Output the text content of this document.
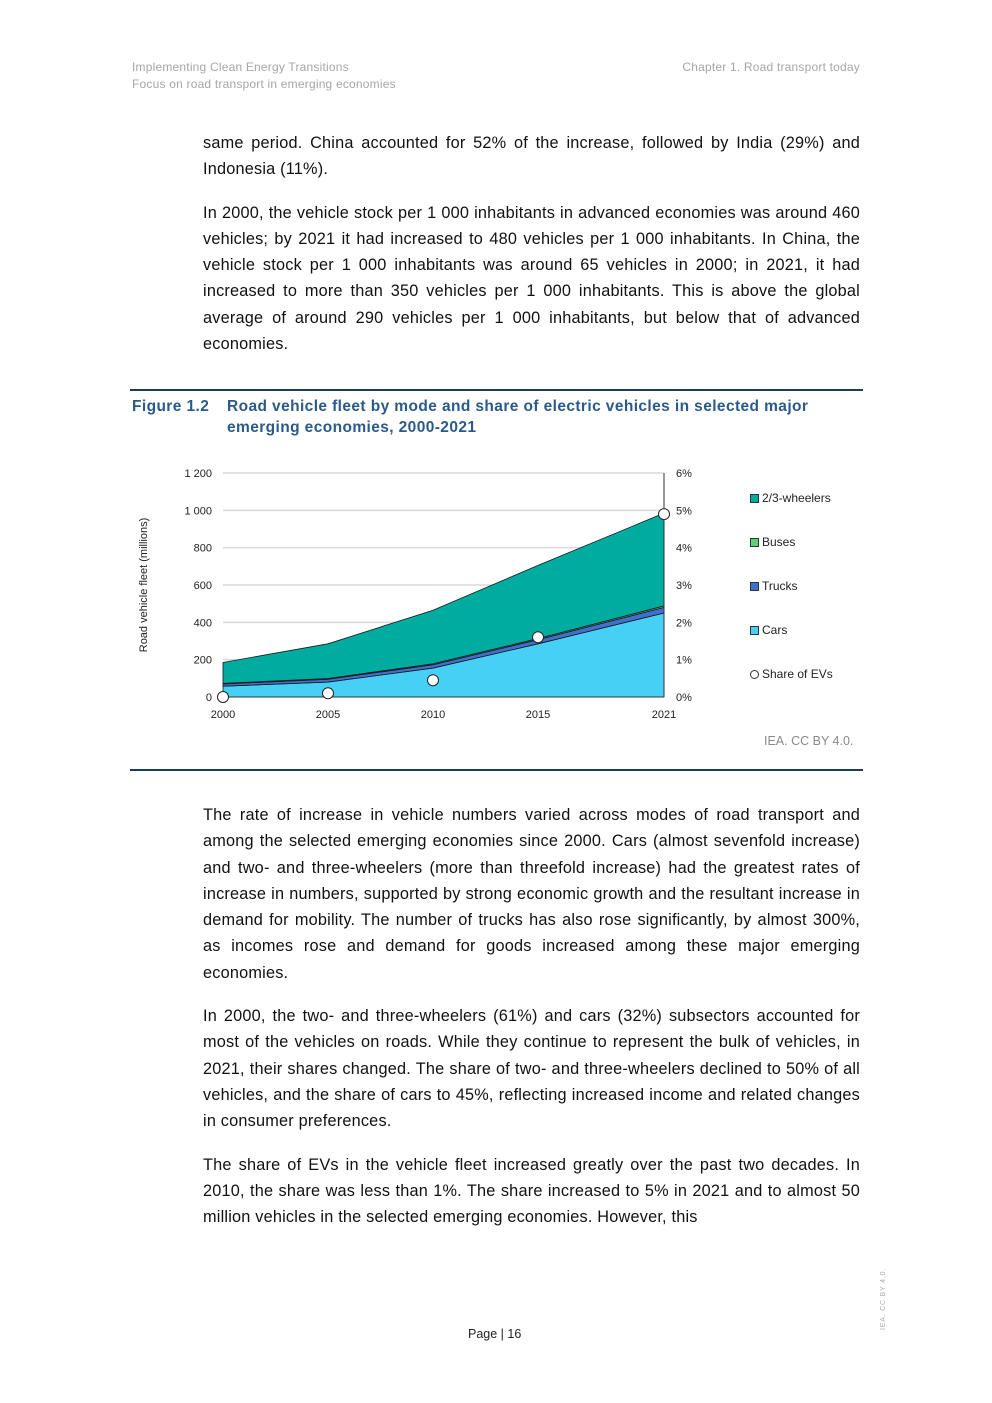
Implementing Clean Energy Transitions
Focus on road transport in emerging economies
Chapter 1. Road transport today

same period. China accounted for 52% of the increase, followed by India (29%) and Indonesia (11%).

In 2000, the vehicle stock per 1 000 inhabitants in advanced economies was around 460 vehicles; by 2021 it had increased to 480 vehicles per 1 000 inhabitants. In China, the vehicle stock per 1 000 inhabitants was around 65 vehicles in 2000; in 2021, it had increased to more than 350 vehicles per 1 000 inhabitants. This is above the global average of around 290 vehicles per 1 000 inhabitants, but below that of advanced economies.

Figure 1.2 Road vehicle fleet by mode and share of electric vehicles in selected major emerging economies, 2000-2021
0
200
400
600
800
1 000
1 200
0%
1%
2%
3%
4%
5%
6%
2000	2005	2010	2015	2021
Road vehicle fleet (millions)
2/3-wheelers
Buses
Trucks
Cars
Share of EVs
IEA. CC BY 4.0.

The rate of increase in vehicle numbers varied across modes of road transport and among the selected emerging economies since 2000. Cars (almost sevenfold increase) and two- and three-wheelers (more than threefold increase) had the greatest rates of increase in numbers, supported by strong economic growth and the resultant increase in demand for mobility. The number of trucks has also rose significantly, by almost 300%, as incomes rose and demand for goods increased among these major emerging economies.

In 2000, the two- and three-wheelers (61%) and cars (32%) subsectors accounted for most of the vehicles on roads. While they continue to represent the bulk of vehicles, in 2021, their shares changed. The share of two- and three-wheelers declined to 50% of all vehicles, and the share of cars to 45%, reflecting increased income and related changes in consumer preferences.

The share of EVs in the vehicle fleet increased greatly over the past two decades. In 2010, the share was less than 1%. The share increased to 5% in 2021 and to almost 50 million vehicles in the selected emerging economies. However, this

Page | 16
IEA. CC BY 4.0.
